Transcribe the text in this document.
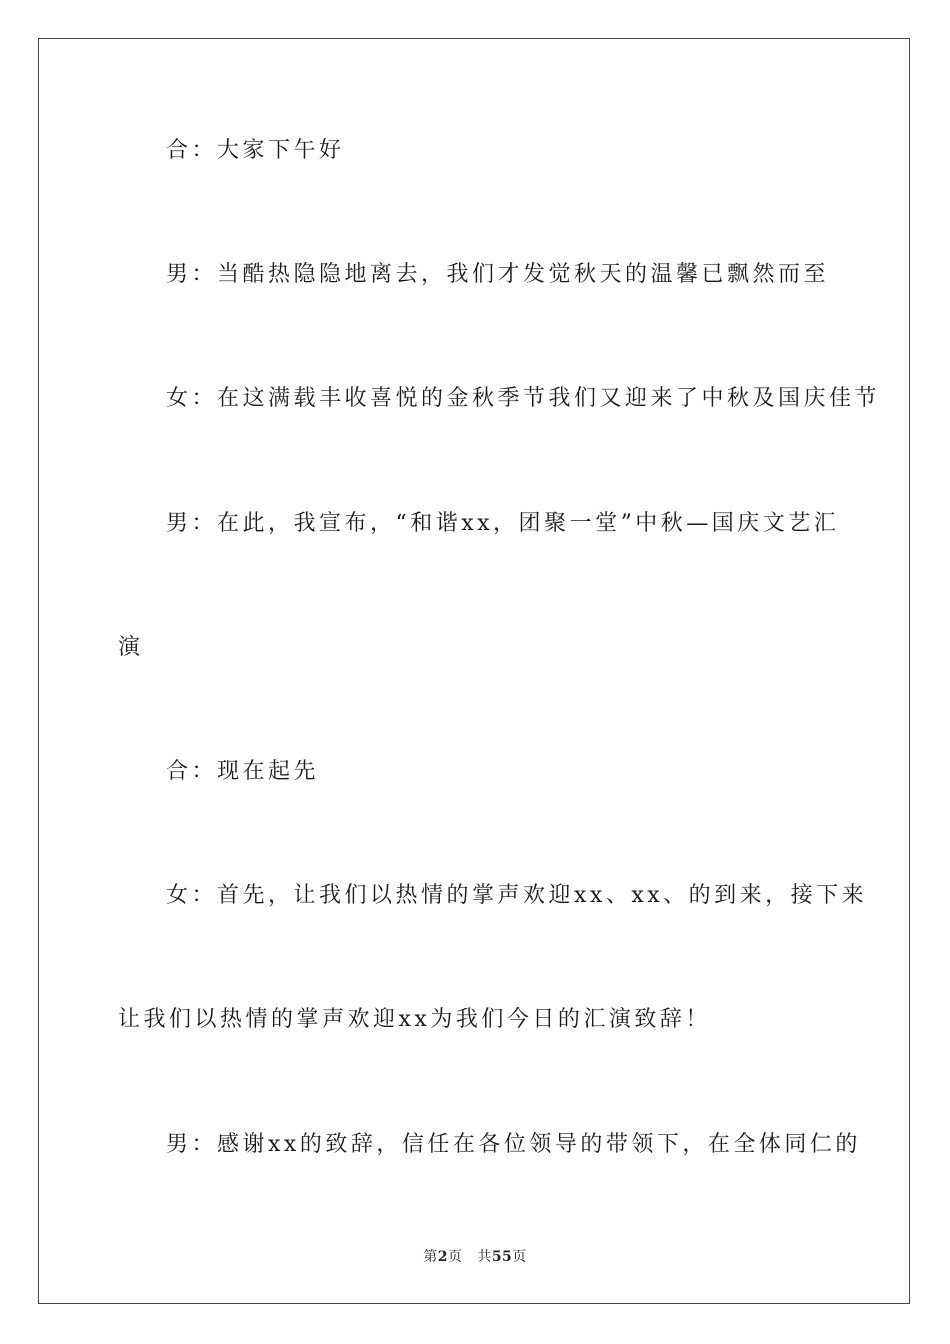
合：大家下午好
男：当酷热隐隐地离去，我们才发觉秋天的温馨已飘然而至
女：在这满载丰收喜悦的金秋季节我们又迎来了中秋及国庆佳节
男：在此，我宣布，“和谐xx，团聚一堂”中秋—国庆文艺汇
演
合：现在起先
女：首先，让我们以热情的掌声欢迎xx、xx、的到来，接下来
让我们以热情的掌声欢迎xx为我们今日的汇演致辞！
男：感谢xx的致辞，信任在各位领导的带领下，在全体同仁的
第2页 共55页
